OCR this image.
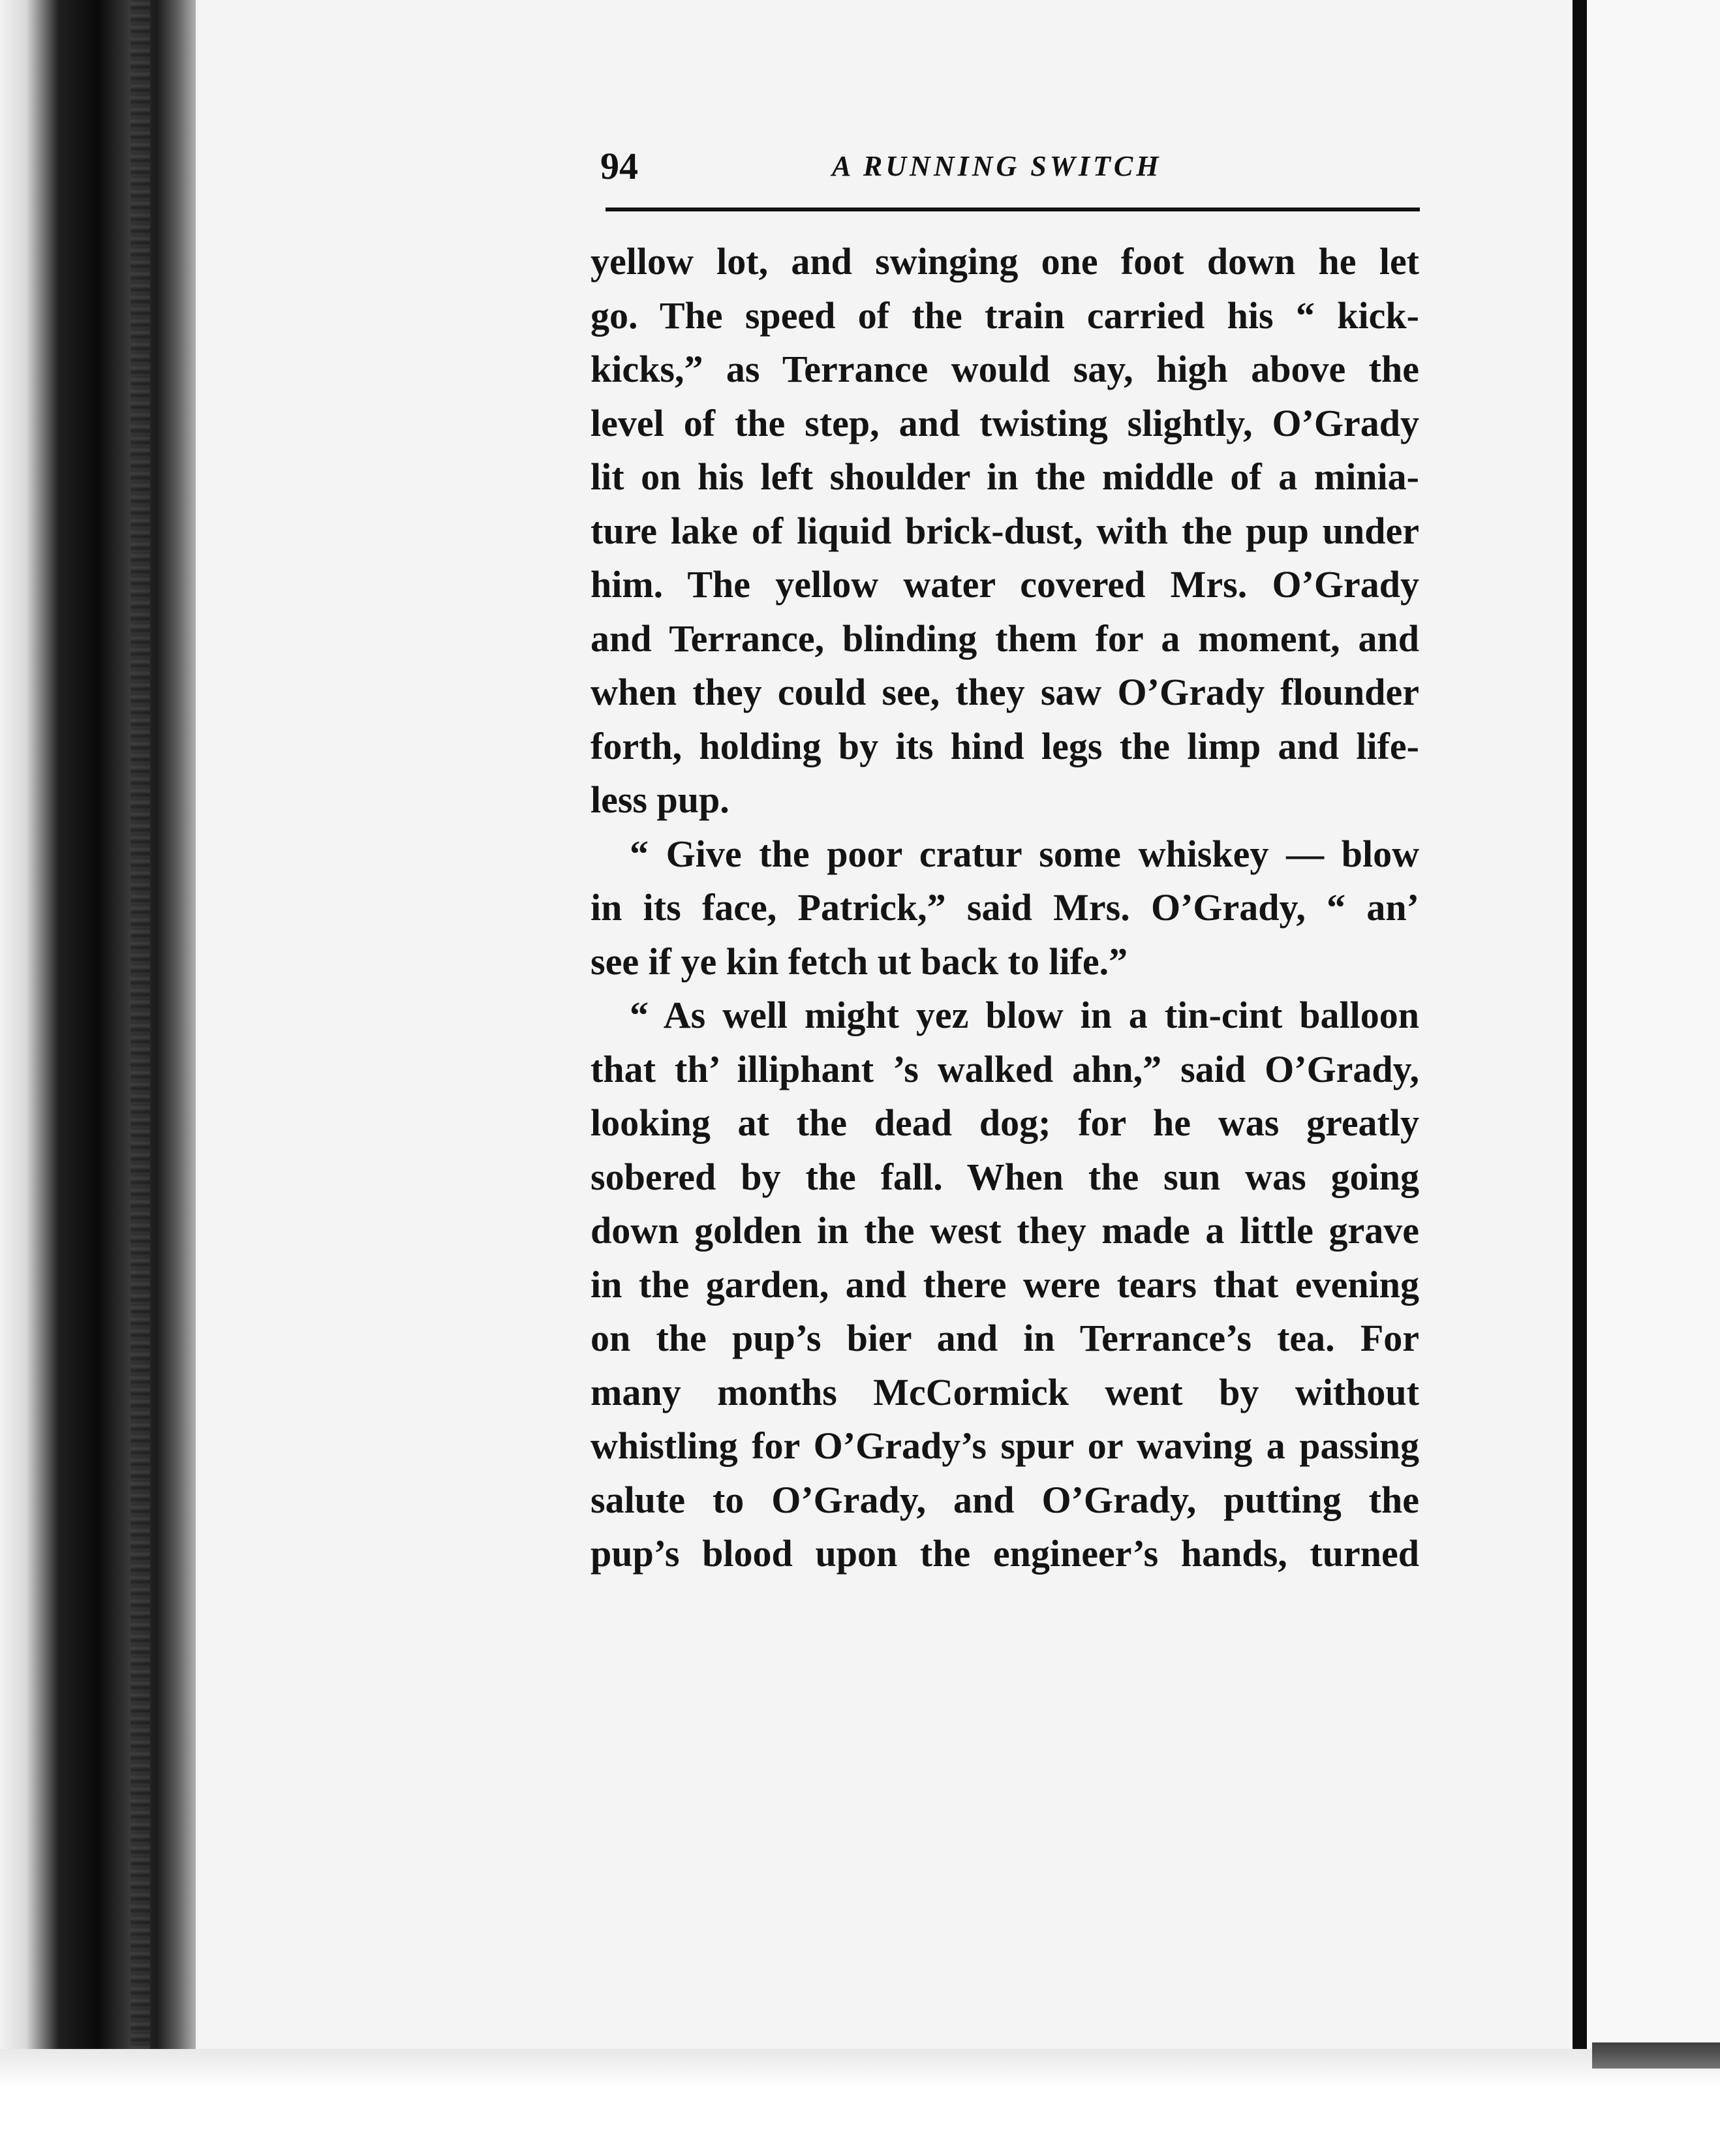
94	A RUNNING SWITCH
yellow lot, and swinging one foot down he let
go. The speed of the train carried his “ kick-
kicks,” as Terrance would say, high above the
level of the step, and twisting slightly, O’Grady
lit on his left shoulder in the middle of a minia-
ture lake of liquid brick-dust, with the pup under
him. The yellow water covered Mrs. O’Grady
and Terrance, blinding them for a moment, and
when they could see, they saw O’Grady flounder
forth, holding by its hind legs the limp and life-
less pup.
“ Give the poor cratur some whiskey — blow
in its face, Patrick,” said Mrs. O’Grady, “ an’
see if ye kin fetch ut back to life.”
“ As well might yez blow in a tin-cint balloon
that th’ illiphant ’s walked ahn,” said O’Grady,
looking at the dead dog; for he was greatly
sobered by the fall. When the sun was going
down golden in the west they made a little grave
in the garden, and there were tears that evening
on the pup’s bier and in Terrance’s tea. For
many months McCormick went by without
whistling for O’Grady’s spur or waving a passing
salute to O’Grady, and O’Grady, putting the
pup’s blood upon the engineer’s hands, turned
